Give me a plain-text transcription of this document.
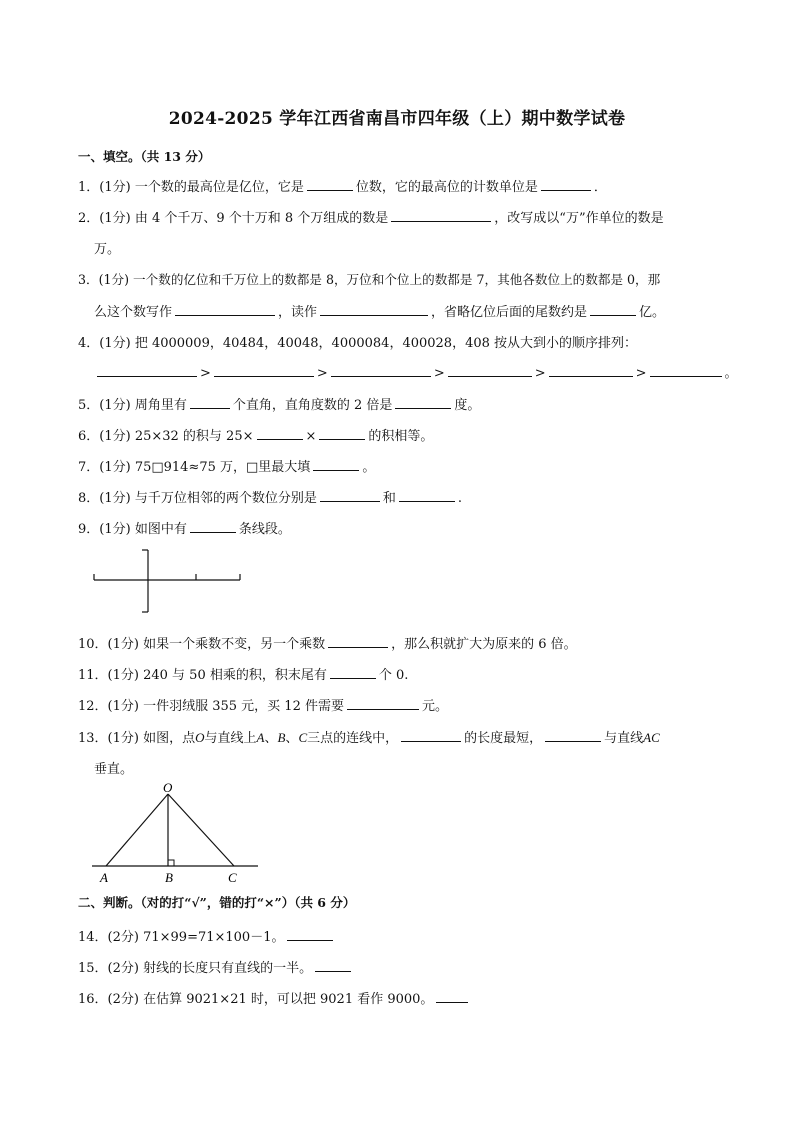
2024-2025 学年江西省南昌市四年级（上）期中数学试卷
一、填空。（共 13 分）
1．(1分) 一个数的最高位是亿位，它是	位数，它的最高位的计数单位是	．
2．(1分) 由 4 个千万、9 个十万和 8 个万组成的数是	，改写成以“万”作单位的数是
万。
3．(1分) 一个数的亿位和千万位上的数都是 8，万位和个位上的数都是 7，其他各数位上的数都是 0，那
么这个数写作	，读作	，省略亿位后面的尾数约是	亿。
4．(1分) 把 4000009，40484，40048，4000084，400028，408 按从大到小的顺序排列：
>	>	>	>	>	。
5．(1分) 周角里有	个直角，直角度数的 2 倍是	度。
6．(1分) 25×32 的积与 25×	×	的积相等。
7．(1分) 75□914≈75 万，□里最大填	。
8．(1分) 与千万位相邻的两个数位分别是	和	.
9．(1分) 如图中有	条线段。
10．(1分) 如果一个乘数不变，另一个乘数	，那么积就扩大为原来的 6 倍。
11．(1分) 240 与 50 相乘的积，积末尾有	个 0.
12．(1分) 一件羽绒服 355 元，买 12 件需要	元。
13．(1分) 如图，点O与直线上A、B、C三点的连线中，	的长度最短，	与直线AC
垂直。
O
A	B	C
二、判断。（对的打“√”，错的打“×”）（共 6 分）
14．(2分) 71×99=71×100－1。
15．(2分) 射线的长度只有直线的一半。
16．(2分) 在估算 9021×21 时，可以把 9021 看作 9000。
